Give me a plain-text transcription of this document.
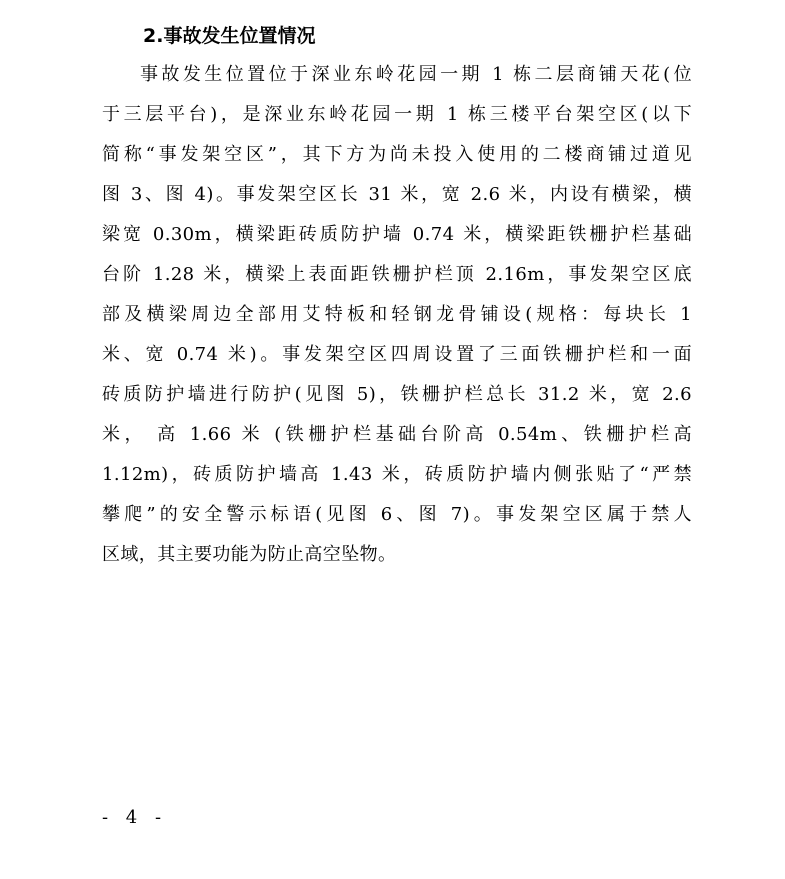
2.事故发生位置情况
事故发生位置位于深业东岭花园一期 1 栋二层商铺天花(位
于三层平台)，是深业东岭花园一期 1 栋三楼平台架空区(以下
简称“事发架空区”，其下方为尚未投入使用的二楼商铺过道见
图 3、图 4)。事发架空区长 31 米，宽 2.6 米，内设有横梁，横
梁宽 0.30m，横梁距砖质防护墙 0.74 米，横梁距铁栅护栏基础
台阶 1.28 米，横梁上表面距铁栅护栏顶 2.16m，事发架空区底
部及横梁周边全部用艾特板和轻钢龙骨铺设(规格：每块长 1
米、宽 0.74 米)。事发架空区四周设置了三面铁栅护栏和一面
砖质防护墙进行防护(见图 5)，铁栅护栏总长 31.2 米，宽 2.6
米， 高 1.66 米 (铁栅护栏基础台阶高 0.54m、铁栅护栏高
1.12m)，砖质防护墙高 1.43 米，砖质防护墙内侧张贴了“严禁
攀爬”的安全警示标语(见图 6、图 7)。事发架空区属于禁人
区域，其主要功能为防止高空坠物。
- 4 -
